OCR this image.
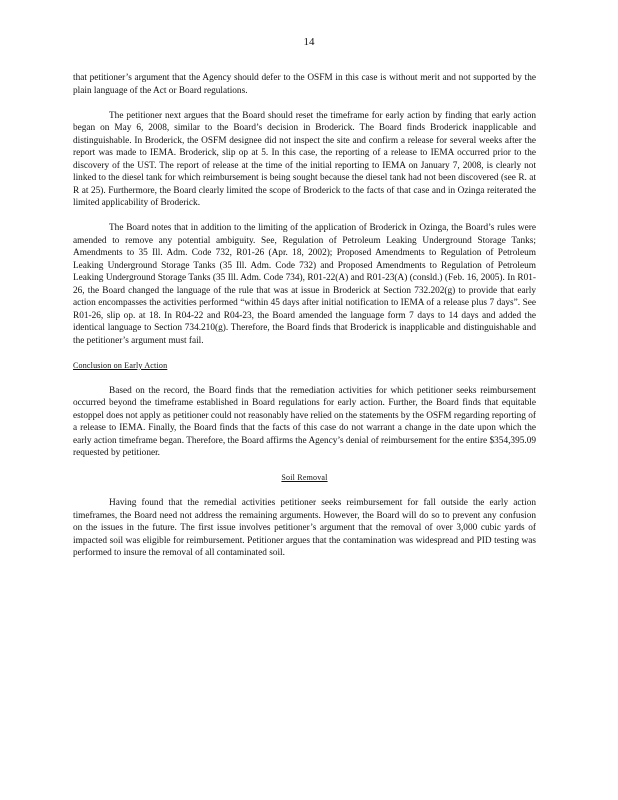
14

that petitioner’s argument that the Agency should defer to the OSFM in this case is without merit and not supported by the plain language of the Act or Board regulations.

The petitioner next argues that the Board should reset the timeframe for early action by finding that early action began on May 6, 2008, similar to the Board’s decision in Broderick. The Board finds Broderick inapplicable and distinguishable. In Broderick, the OSFM designee did not inspect the site and confirm a release for several weeks after the report was made to IEMA. Broderick, slip op at 5. In this case, the reporting of a release to IEMA occurred prior to the discovery of the UST. The report of release at the time of the initial reporting to IEMA on January 7, 2008, is clearly not linked to the diesel tank for which reimbursement is being sought because the diesel tank had not been discovered (see R. at R at 25). Furthermore, the Board clearly limited the scope of Broderick to the facts of that case and in Ozinga reiterated the limited applicability of Broderick.

The Board notes that in addition to the limiting of the application of Broderick in Ozinga, the Board’s rules were amended to remove any potential ambiguity. See, Regulation of Petroleum Leaking Underground Storage Tanks; Amendments to 35 Ill. Adm. Code 732, R01-26 (Apr. 18, 2002); Proposed Amendments to Regulation of Petroleum Leaking Underground Storage Tanks (35 Ill. Adm. Code 732) and Proposed Amendments to Regulation of Petroleum Leaking Underground Storage Tanks (35 Ill. Adm. Code 734), R01-22(A) and R01-23(A) (consld.) (Feb. 16, 2005). In R01-26, the Board changed the language of the rule that was at issue in Broderick at Section 732.202(g) to provide that early action encompasses the activities performed “within 45 days after initial notification to IEMA of a release plus 7 days”. See R01-26, slip op. at 18. In R04-22 and R04-23, the Board amended the language form 7 days to 14 days and added the identical language to Section 734.210(g). Therefore, the Board finds that Broderick is inapplicable and distinguishable and the petitioner’s argument must fail.

Conclusion on Early Action

Based on the record, the Board finds that the remediation activities for which petitioner seeks reimbursement occurred beyond the timeframe established in Board regulations for early action. Further, the Board finds that equitable estoppel does not apply as petitioner could not reasonably have relied on the statements by the OSFM regarding reporting of a release to IEMA. Finally, the Board finds that the facts of this case do not warrant a change in the date upon which the early action timeframe began. Therefore, the Board affirms the Agency’s denial of reimbursement for the entire $354,395.09 requested by petitioner.

Soil Removal

Having found that the remedial activities petitioner seeks reimbursement for fall outside the early action timeframes, the Board need not address the remaining arguments. However, the Board will do so to prevent any confusion on the issues in the future. The first issue involves petitioner’s argument that the removal of over 3,000 cubic yards of impacted soil was eligible for reimbursement. Petitioner argues that the contamination was widespread and PID testing was performed to insure the removal of all contaminated soil.
